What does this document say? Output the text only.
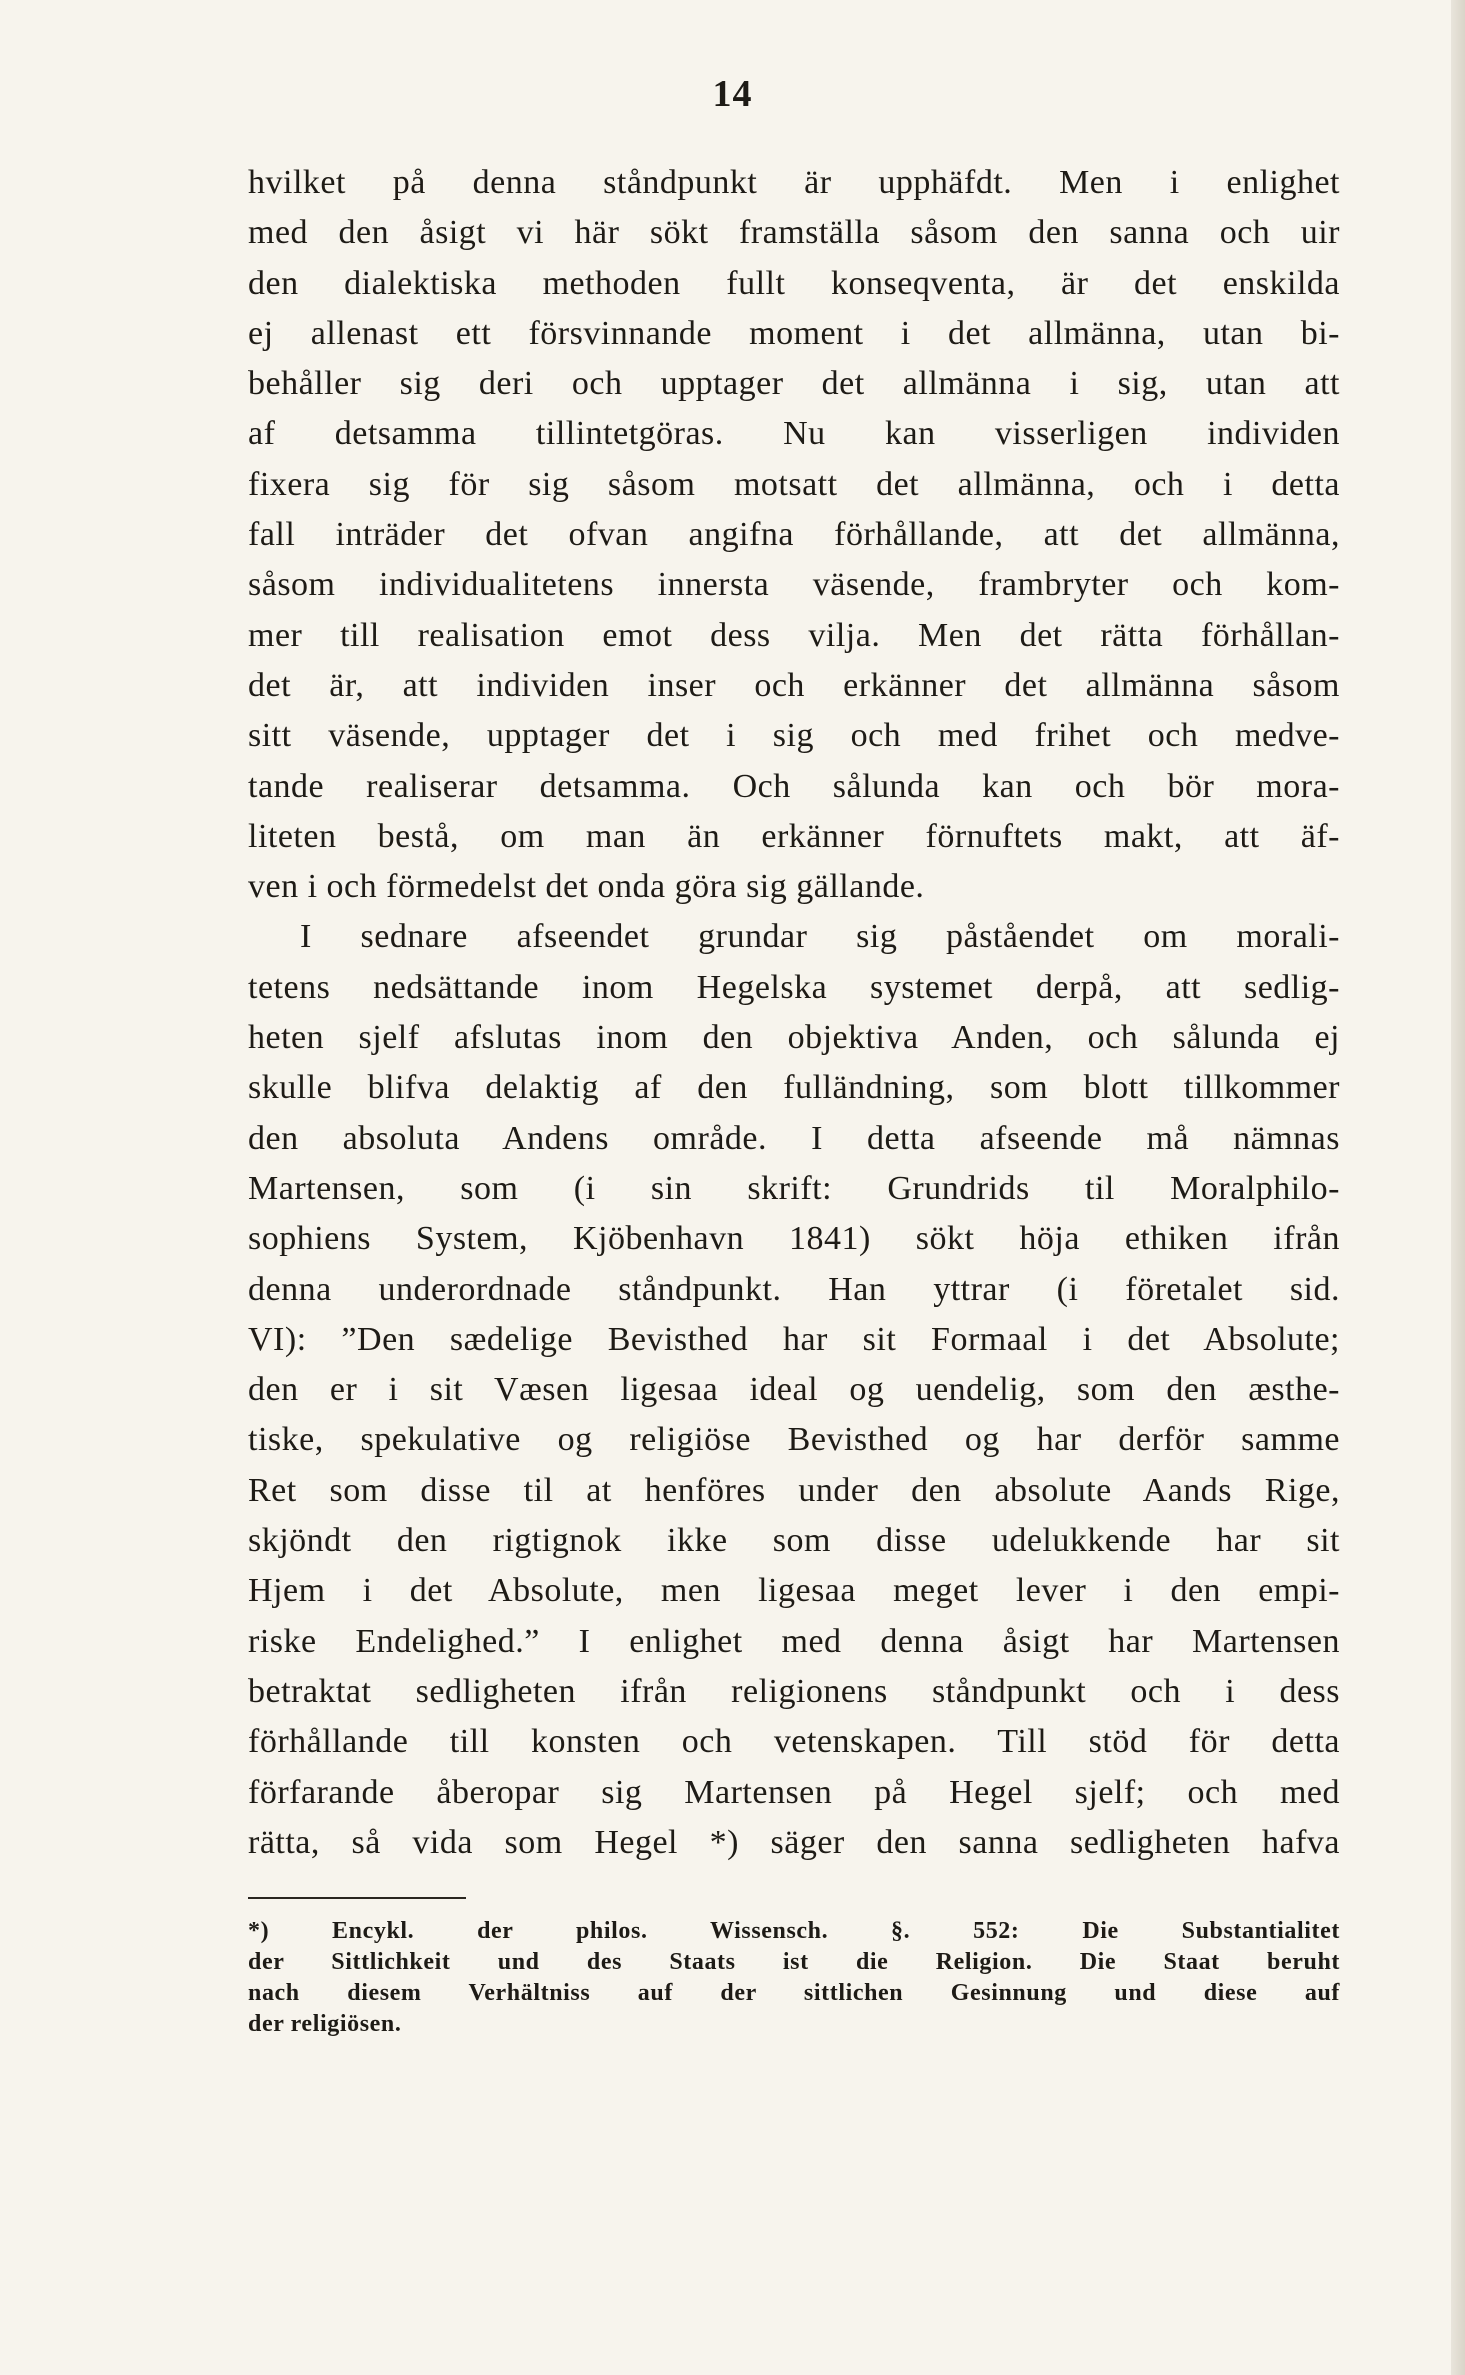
14
hvilket på denna ståndpunkt är upphäfdt. Men i enlighet
med den åsigt vi här sökt framställa såsom den sanna och uir
den dialektiska methoden fullt konseqventa, är det enskilda
ej allenast ett försvinnande moment i det allmänna, utan bi-
behåller sig deri och upptager det allmänna i sig, utan att
af detsamma tillintetgöras. Nu kan visserligen individen
fixera sig för sig såsom motsatt det allmänna, och i detta
fall inträder det ofvan angifna förhållande, att det allmänna,
såsom individualitetens innersta väsende, frambryter och kom-
mer till realisation emot dess vilja. Men det rätta förhållan-
det är, att individen inser och erkänner det allmänna såsom
sitt väsende, upptager det i sig och med frihet och medve-
tande realiserar detsamma. Och sålunda kan och bör mora-
liteten bestå, om man än erkänner förnuftets makt, att äf-
ven i och förmedelst det onda göra sig gällande.
I sednare afseendet grundar sig påståendet om morali-
tetens nedsättande inom Hegelska systemet derpå, att sedlig-
heten sjelf afslutas inom den objektiva Anden, och sålunda ej
skulle blifva delaktig af den fulländning, som blott tillkommer
den absoluta Andens område. I detta afseende må nämnas
Martensen, som (i sin skrift: Grundrids til Moralphilo-
sophiens System, Kjöbenhavn 1841) sökt höja ethiken ifrån
denna underordnade ståndpunkt. Han yttrar (i företalet sid.
VI): ”Den sædelige Bevisthed har sit Formaal i det Absolute;
den er i sit Væsen ligesaa ideal og uendelig, som den æsthe-
tiske, spekulative og religiöse Bevisthed og har derför samme
Ret som disse til at henföres under den absolute Aands Rige,
skjöndt den rigtignok ikke som disse udelukkende har sit
Hjem i det Absolute, men ligesaa meget lever i den empi-
riske Endelighed.” I enlighet med denna åsigt har Martensen
betraktat sedligheten ifrån religionens ståndpunkt och i dess
förhållande till konsten och vetenskapen. Till stöd för detta
förfarande åberopar sig Martensen på Hegel sjelf; och med
rätta, så vida som Hegel *) säger den sanna sedligheten hafva
*) Encykl. der philos. Wissensch. §. 552: Die Substantialitet
der Sittlichkeit und des Staats ist die Religion. Die Staat beruht
nach diesem Verhältniss auf der sittlichen Gesinnung und diese auf
der religiösen.
